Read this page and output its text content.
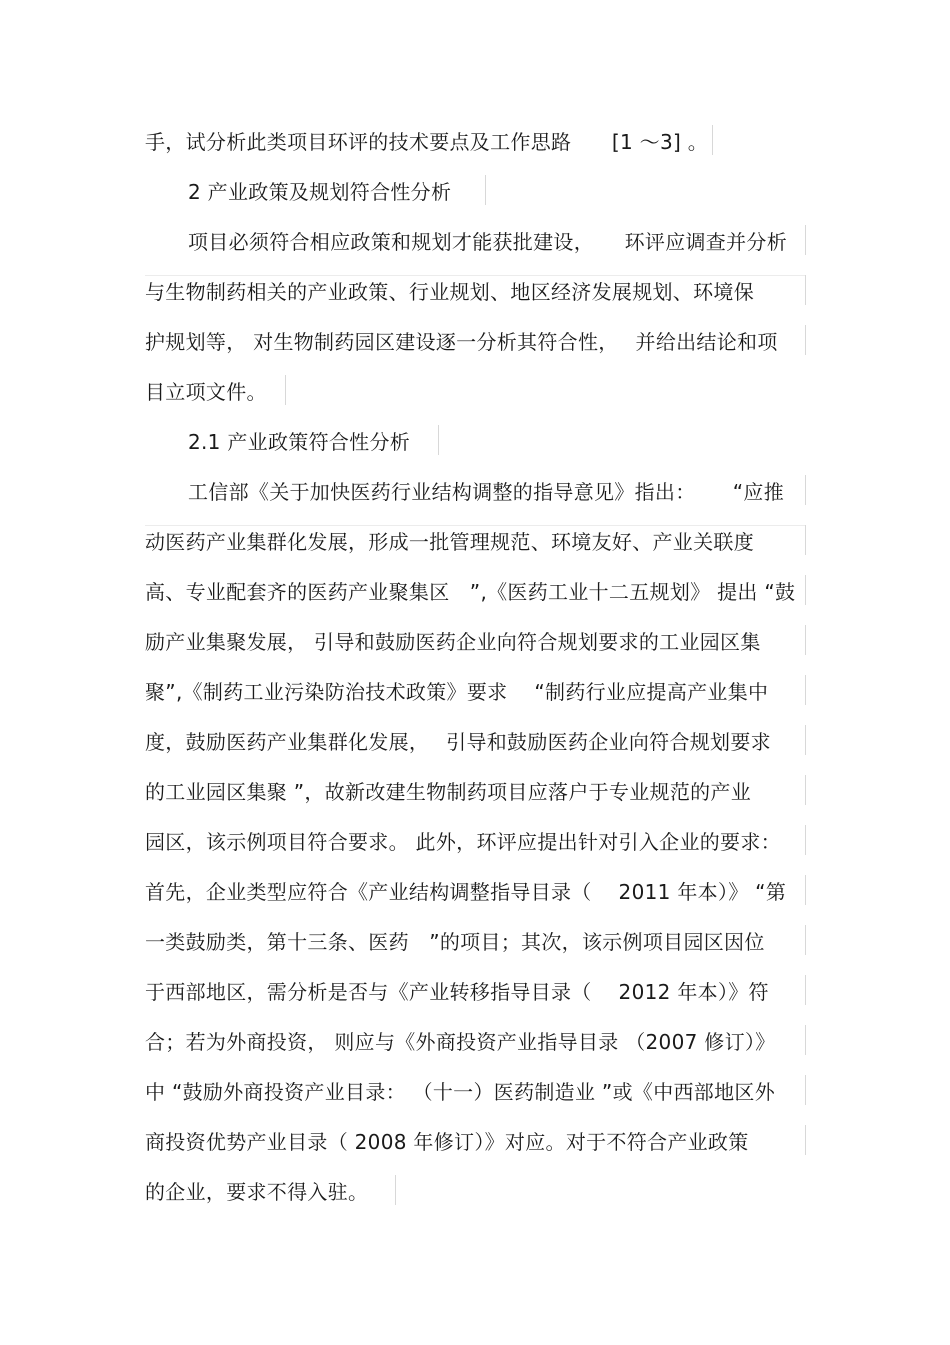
手，试分析此类项目环评的技术要点及工作思路　　[1 ～3] 。
2 产业政策及规划符合性分析
项目必须符合相应政策和规划才能获批建设，　　环评应调查并分析
与生物制药相关的产业政策、行业规划、地区经济发展规划、环境保
护规划等， 对生物制药园区建设逐一分析其符合性，　 并给出结论和项
目立项文件。
2.1 产业政策符合性分析
工信部《关于加快医药行业结构调整的指导意见》指出：　　 “应推
动医药产业集群化发展，形成一批管理规范、环境友好、产业关联度
高、专业配套齐的医药产业聚集区　”,《医药工业十二五规划》 提出 “鼓
励产业集聚发展， 引导和鼓励医药企业向符合规划要求的工业园区集
聚”,《制药工业污染防治技术政策》要求　 “制药行业应提高产业集中
度，鼓励医药产业集群化发展，　 引导和鼓励医药企业向符合规划要求
的工业园区集聚 ”，故新改建生物制药项目应落户于专业规范的产业
园区，该示例项目符合要求。 此外，环评应提出针对引入企业的要求：
首先，企业类型应符合《产业结构调整指导目录（　 2011 年本）》 “第
一类鼓励类，第十三条、医药　”的项目；其次，该示例项目园区因位
于西部地区，需分析是否与《产业转移指导目录（　 2012 年本）》符
合；若为外商投资， 则应与《外商投资产业指导目录 （2007 修订）》
中 “鼓励外商投资产业目录： （十一）医药制造业 ”或《中西部地区外
商投资优势产业目录（ 2008 年修订）》对应。对于不符合产业政策
的企业，要求不得入驻。
